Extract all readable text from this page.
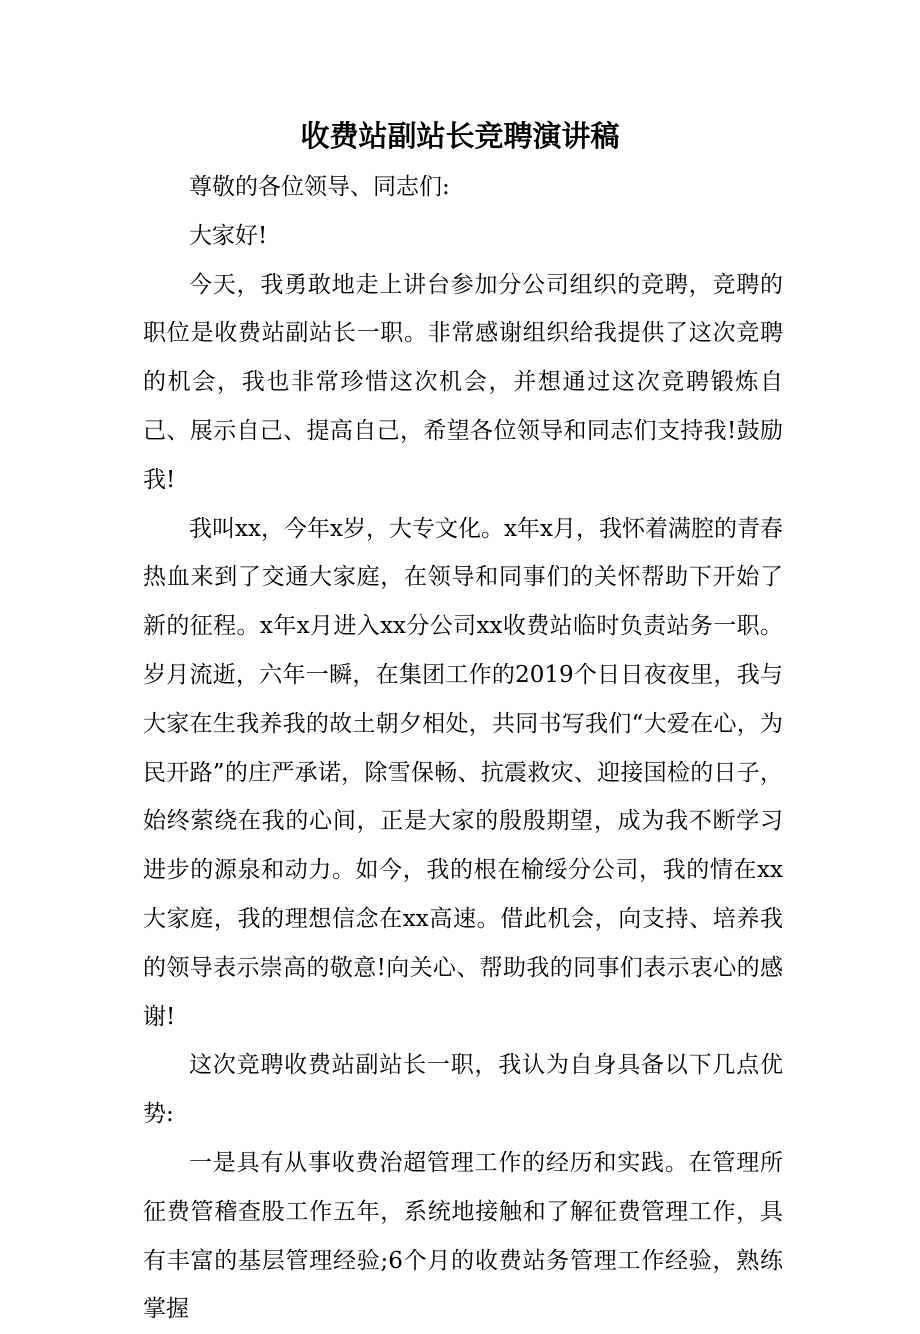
收费站副站长竞聘演讲稿

尊敬的各位领导、同志们:

大家好!

今天，我勇敢地走上讲台参加分公司组织的竞聘，竞聘的职位是收费站副站长一职。非常感谢组织给我提供了这次竞聘的机会，我也非常珍惜这次机会，并想通过这次竞聘锻炼自己、展示自己、提高自己，希望各位领导和同志们支持我!鼓励我!

我叫xx，今年x岁，大专文化。x年x月，我怀着满腔的青春热血来到了交通大家庭，在领导和同事们的关怀帮助下开始了新的征程。x年x月进入xx分公司xx收费站临时负责站务一职。岁月流逝，六年一瞬，在集团工作的2019个日日夜夜里，我与大家在生我养我的故土朝夕相处，共同书写我们“大爱在心，为民开路”的庄严承诺，除雪保畅、抗震救灾、迎接国检的日子，始终萦绕在我的心间，正是大家的殷殷期望，成为我不断学习进步的源泉和动力。如今，我的根在榆绥分公司，我的情在xx大家庭，我的理想信念在xx高速。借此机会，向支持、培养我的领导表示崇高的敬意!向关心、帮助我的同事们表示衷心的感谢!

这次竞聘收费站副站长一职，我认为自身具备以下几点优势:

一是具有从事收费治超管理工作的经历和实践。在管理所征费管稽查股工作五年，系统地接触和了解征费管理工作，具有丰富的基层管理经验;6个月的收费站务管理工作经验，熟练掌握
